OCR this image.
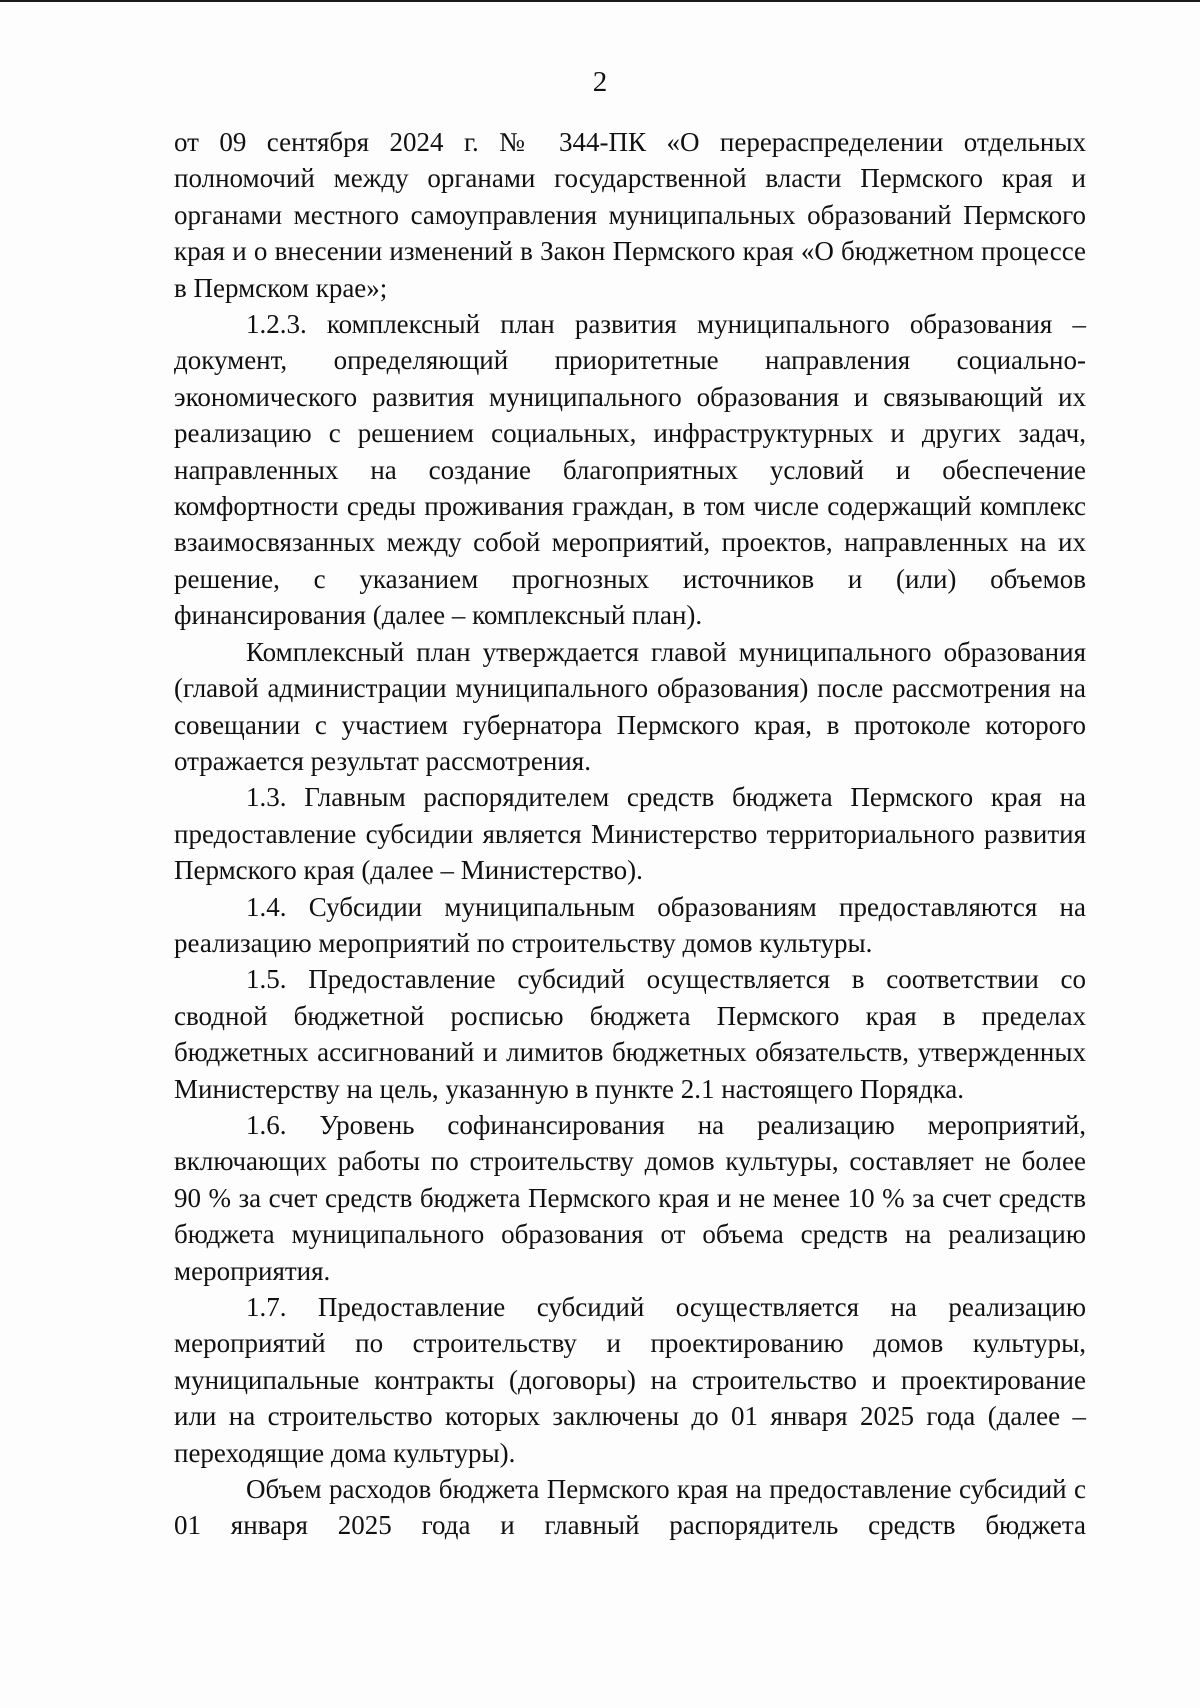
2

от 09 сентября 2024 г. № 344-ПК «О перераспределении отдельных полномочий между органами государственной власти Пермского края и органами местного самоуправления муниципальных образований Пермского края и о внесении изменений в Закон Пермского края «О бюджетном процессе в Пермском крае»;

1.2.3. комплексный план развития муниципального образования – документ, определяющий приоритетные направления социально-экономического развития муниципального образования и связывающий их реализацию с решением социальных, инфраструктурных и других задач, направленных на создание благоприятных условий и обеспечение комфортности среды проживания граждан, в том числе содержащий комплекс взаимосвязанных между собой мероприятий, проектов, направленных на их решение, с указанием прогнозных источников и (или) объемов финансирования (далее – комплексный план).

Комплексный план утверждается главой муниципального образования (главой администрации муниципального образования) после рассмотрения на совещании с участием губернатора Пермского края, в протоколе которого отражается результат рассмотрения.

1.3. Главным распорядителем средств бюджета Пермского края на предоставление субсидии является Министерство территориального развития Пермского края (далее – Министерство).

1.4. Субсидии муниципальным образованиям предоставляются на реализацию мероприятий по строительству домов культуры.

1.5. Предоставление субсидий осуществляется в соответствии со сводной бюджетной росписью бюджета Пермского края в пределах бюджетных ассигнований и лимитов бюджетных обязательств, утвержденных Министерству на цель, указанную в пункте 2.1 настоящего Порядка.

1.6. Уровень софинансирования на реализацию мероприятий, включающих работы по строительству домов культуры, составляет не более 90 % за счет средств бюджета Пермского края и не менее 10 % за счет средств бюджета муниципального образования от объема средств на реализацию мероприятия.

1.7. Предоставление субсидий осуществляется на реализацию мероприятий по строительству и проектированию домов культуры, муниципальные контракты (договоры) на строительство и проектирование или на строительство которых заключены до 01 января 2025 года (далее – переходящие дома культуры).

Объем расходов бюджета Пермского края на предоставление субсидий с 01 января 2025 года и главный распорядитель средств бюджета
